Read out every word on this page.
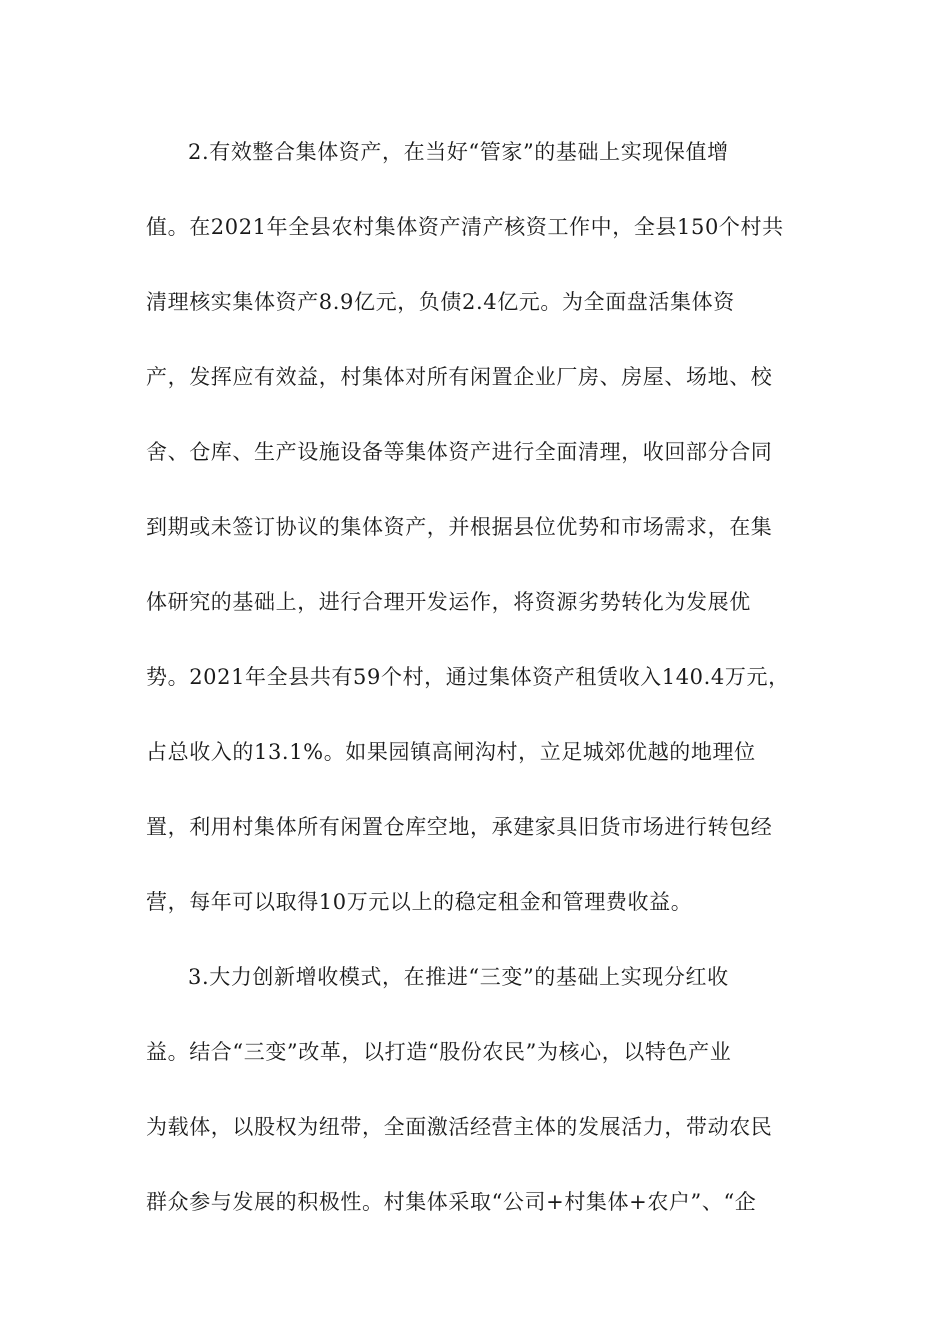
2.有效整合集体资产，在当好“管家”的基础上实现保值增
值。在2021年全县农村集体资产清产核资工作中，全县150个村共
清理核实集体资产8.9亿元，负债2.4亿元。为全面盘活集体资
产，发挥应有效益，村集体对所有闲置企业厂房、房屋、场地、校
舍、仓库、生产设施设备等集体资产进行全面清理，收回部分合同
到期或未签订协议的集体资产，并根据县位优势和市场需求，在集
体研究的基础上，进行合理开发运作，将资源劣势转化为发展优
势。2021年全县共有59个村，通过集体资产租赁收入140.4万元，
占总收入的13.1%。如果园镇高闸沟村，立足城郊优越的地理位
置，利用村集体所有闲置仓库空地，承建家具旧货市场进行转包经
营，每年可以取得10万元以上的稳定租金和管理费收益。
3.大力创新增收模式，在推进“三变”的基础上实现分红收
益。结合“三变”改革，以打造“股份农民”为核心，以特色产业
为载体，以股权为纽带，全面激活经营主体的发展活力，带动农民
群众参与发展的积极性。村集体采取“公司+村集体+农户”、“企
